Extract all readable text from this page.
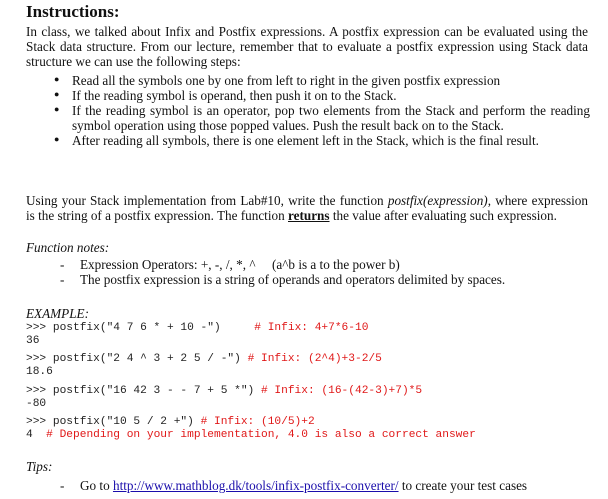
Instructions:

In class, we talked about Infix and Postfix expressions. A postfix expression can be evaluated using the Stack data structure. From our lecture, remember that to evaluate a postfix expression using Stack data structure we can use the following steps:

● Read all the symbols one by one from left to right in the given postfix expression
● If the reading symbol is operand, then push it on to the Stack.
● If the reading symbol is an operator, pop two elements from the Stack and perform the reading symbol operation using those popped values. Push the result back on to the Stack.
● After reading all symbols, there is one element left in the Stack, which is the final result.

Using your Stack implementation from Lab#10, write the function postfix(expression), where expression is the string of a postfix expression. The function returns the value after evaluating such expression.

Function notes:

- Expression Operators: +, -, /, *, ^     (a^b is a to the power b)
- The postfix expression is a string of operands and operators delimited by spaces.

EXAMPLE:

>>> postfix("4 7 6 * + 10 -")	# Infix: 4+7*6-10
36
>>> postfix("2 4 ^ 3 + 2 5 / -") # Infix: (2^4)+3-2/5
18.6
>>> postfix("16 42 3 - - 7 + 5 *") # Infix: (16-(42-3)+7)*5
-80
>>> postfix("10 5 / 2 +") # Infix: (10/5)+2
4 # Depending on your implementation, 4.0 is also a correct answer

Tips:

- Go to http://www.mathblog.dk/tools/infix-postfix-converter/ to create your test cases
